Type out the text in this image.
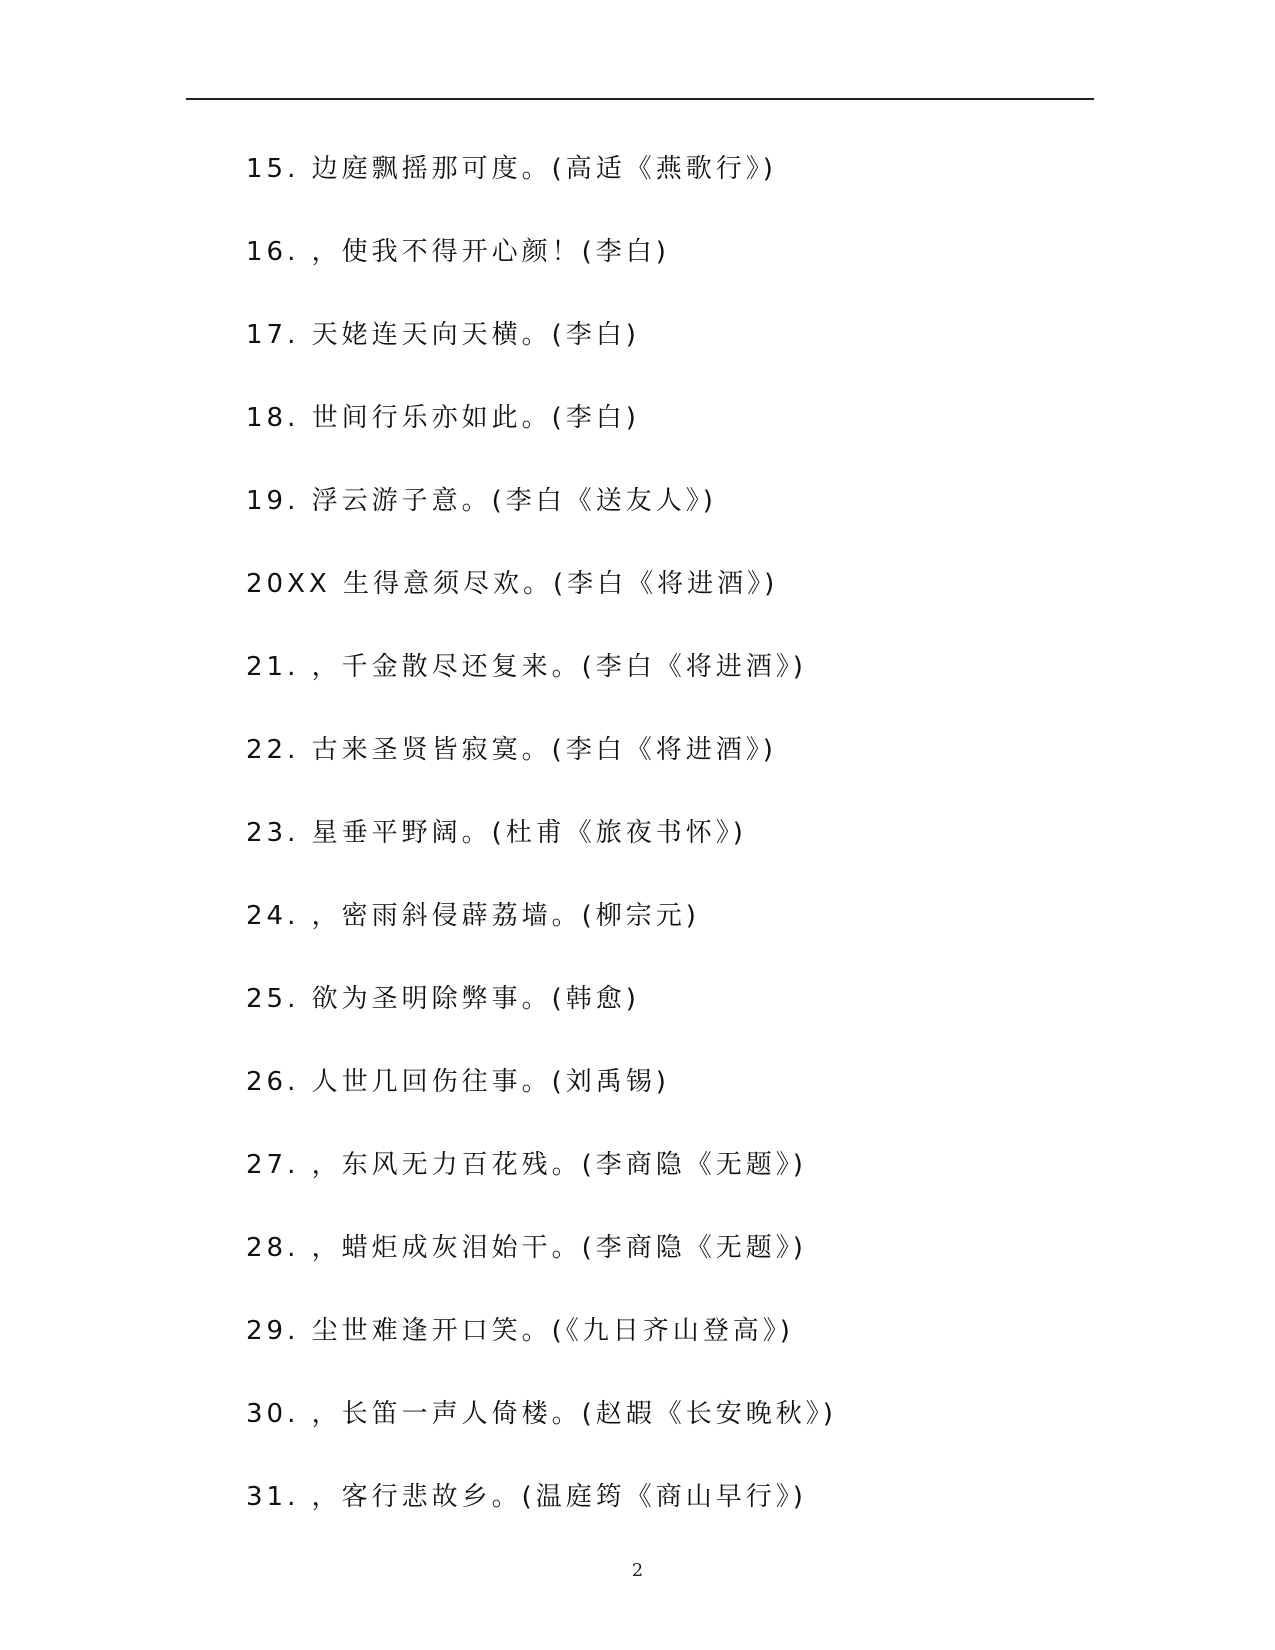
15. 边庭飘摇那可度。(高适《燕歌行》)
16. ，使我不得开心颜！(李白)
17. 天姥连天向天横。(李白)
18. 世间行乐亦如此。(李白)
19. 浮云游子意。(李白《送友人》)
20XX 生得意须尽欢。(李白《将进酒》)
21. ，千金散尽还复来。(李白《将进酒》)
22. 古来圣贤皆寂寞。(李白《将进酒》)
23. 星垂平野阔。(杜甫《旅夜书怀》)
24. ，密雨斜侵薜荔墙。(柳宗元)
25. 欲为圣明除弊事。(韩愈)
26. 人世几回伤往事。(刘禹锡)
27. ，东风无力百花残。(李商隐《无题》)
28. ，蜡炬成灰泪始干。(李商隐《无题》)
29. 尘世难逢开口笑。(《九日齐山登高》)
30. ，长笛一声人倚楼。(赵嘏《长安晚秋》)
31. ，客行悲故乡。(温庭筠《商山早行》)
2
